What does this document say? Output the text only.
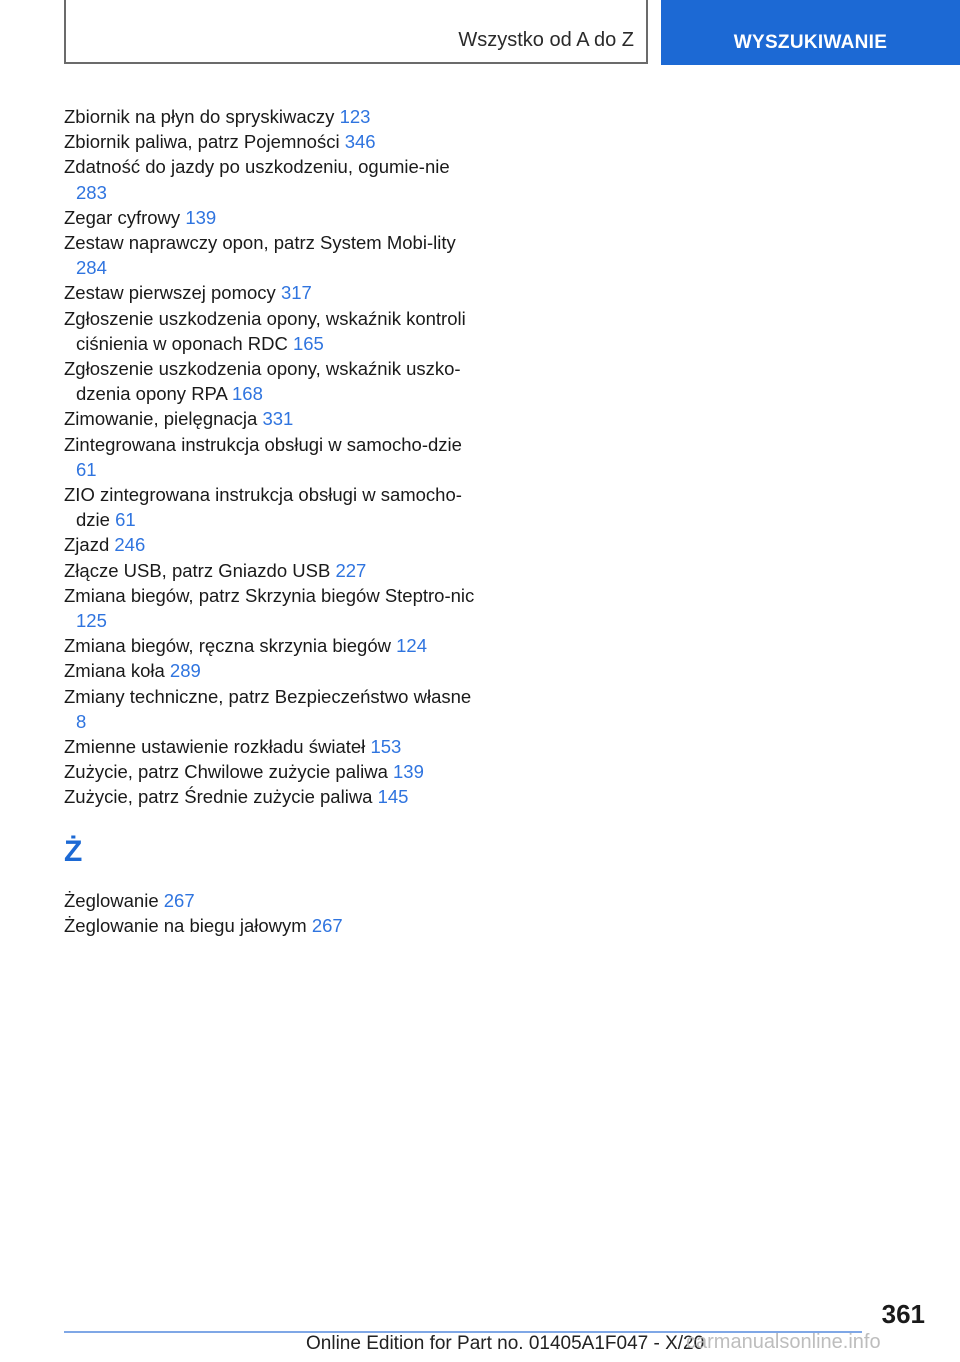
Wszystko od A do Z	WYSZUKIWANIE
Zbiornik na płyn do spryskiwaczy 123
Zbiornik paliwa, patrz Pojemności 346
Zdatność do jazdy po uszkodzeniu, ogumie-nie 283
Zegar cyfrowy 139
Zestaw naprawczy opon, patrz System Mobi-lity 284
Zestaw pierwszej pomocy 317
Zgłoszenie uszkodzenia opony, wskaźnik kontroli ciśnienia w oponach RDC 165
Zgłoszenie uszkodzenia opony, wskaźnik uszko-dzenia opony RPA 168
Zimowanie, pielęgnacja 331
Zintegrowana instrukcja obsługi w samocho-dzie 61
ZIO zintegrowana instrukcja obsługi w samocho-dzie 61
Zjazd 246
Złącze USB, patrz Gniazdo USB 227
Zmiana biegów, patrz Skrzynia biegów Steptro-nic 125
Zmiana biegów, ręczna skrzynia biegów 124
Zmiana koła 289
Zmiany techniczne, patrz Bezpieczeństwo własne 8
Zmienne ustawienie rozkładu świateł 153
Zużycie, patrz Chwilowe zużycie paliwa 139
Zużycie, patrz Średnie zużycie paliwa 145
Ż
Żeglowanie 267
Żeglowanie na biegu jałowym 267
361
Online Edition for Part no. 01405A1F047 - X/20
carmanualsonline.info
